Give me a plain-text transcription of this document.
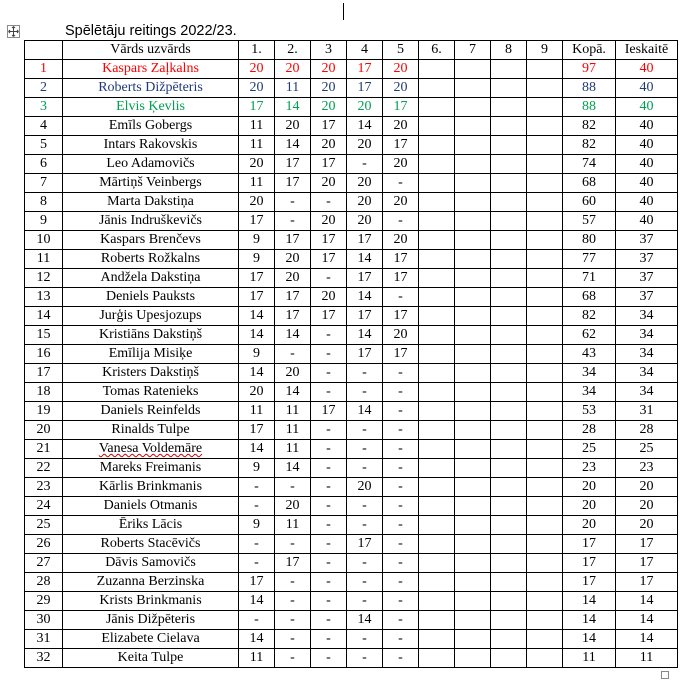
Spēlētāju reitings 2022/23.
	Vārds uzvārds	1.	2.	3	4	5	6.	7	8	9	Kopā.	Ieskaitē
1	Kaspars Zaļkalns	20	20	20	17	20					97	40
2	Roberts Dižpēteris	20	11	20	17	20					88	40
3	Elvis Ķevlis	17	14	20	20	17					88	40
4	Emīls Gobergs	11	20	17	14	20					82	40
5	Intars Rakovskis	11	14	20	20	17					82	40
6	Leo Adamovičs	20	17	17	-	20					74	40
7	Mārtiņš Veinbergs	11	17	20	20	-					68	40
8	Marta Dakstiņa	20	-	-	20	20					60	40
9	Jānis Indruškevičs	17	-	20	20	-					57	40
10	Kaspars Brenčevs	9	17	17	17	20					80	37
11	Roberts Rožkalns	9	20	17	14	17					77	37
12	Andžela Dakstiņa	17	20	-	17	17					71	37
13	Deniels Pauksts	17	17	20	14	-					68	37
14	Jurģis Upesjozups	14	17	17	17	17					82	34
15	Kristiāns Dakstiņš	14	14	-	14	20					62	34
16	Emīlija Misiķe	9	-	-	17	17					43	34
17	Kristers Dakstiņš	14	20	-	-	-					34	34
18	Tomas Ratenieks	20	14	-	-	-					34	34
19	Daniels Reinfelds	11	11	17	14	-					53	31
20	Rinalds Tulpe	17	11	-	-	-					28	28
21	Vanesa Voldemāre	14	11	-	-	-					25	25
22	Mareks Freimanis	9	14	-	-	-					23	23
23	Kārlis Brinkmanis	-	-	-	20	-					20	20
24	Daniels Otmanis	-	20	-	-	-					20	20
25	Ēriks Lācis	9	11	-	-	-					20	20
26	Roberts Stacēvičs	-	-	-	17	-					17	17
27	Dāvis Samovičs	-	17	-	-	-					17	17
28	Zuzanna Berzinska	17	-	-	-	-					17	17
29	Krists Brinkmanis	14	-	-	-	-					14	14
30	Jānis Dižpēteris	-	-	-	14	-					14	14
31	Elizabete Cielava	14	-	-	-	-					14	14
32	Keita Tulpe	11	-	-	-	-					11	11
